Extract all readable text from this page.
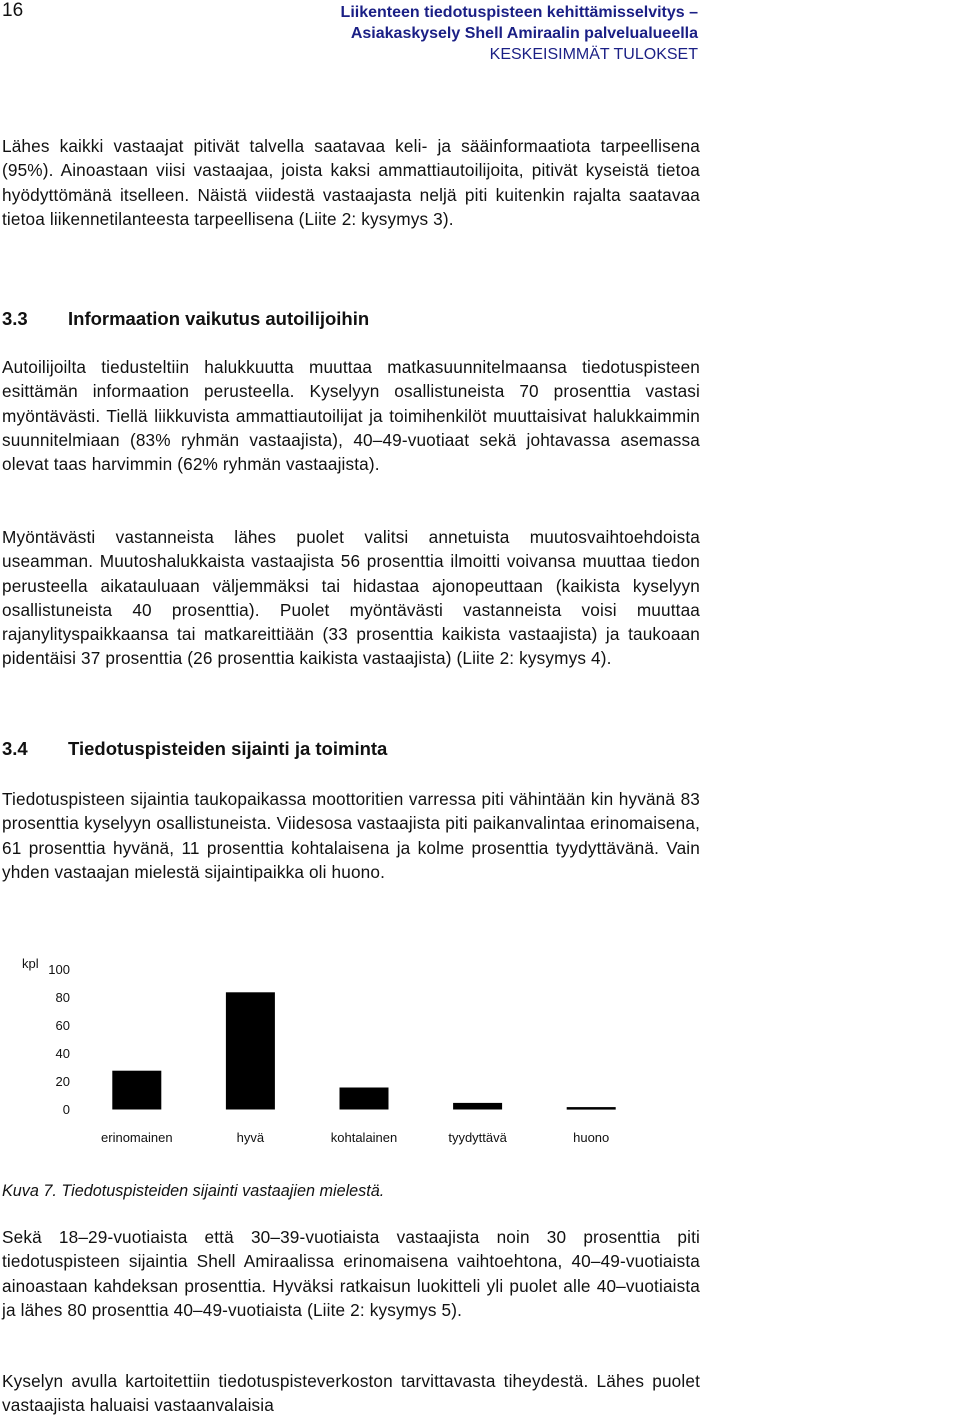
16	Liikenteen tiedotuspisteen kehittämisselvitys –
Asiakaskysely Shell Amiraalin palvelualueella
KESKEISIMMÄT TULOKSET

Lähes kaikki vastaajat pitivät talvella saatavaa keli- ja sääinformaatiota tarpeellisena (95%). Ainoastaan viisi vastaajaa, joista kaksi ammattiautoilijoita, pitivät kyseistä tietoa hyödyttömänä itselleen. Näistä viidestä vastaajasta neljä piti kuitenkin rajalta saatavaa tietoa liikennetilanteesta tarpeellisena (Liite 2: kysymys 3).

3.3 Informaation vaikutus autoilijoihin

Autoilijoilta tiedusteltiin halukkuutta muuttaa matkasuunnitelmaansa tiedotuspisteen esittämän informaation perusteella. Kyselyyn osallistuneista 70 prosenttia vastasi myöntävästi. Tiellä liikkuvista ammattiautoilijat ja toimihenkilöt muuttaisivat halukkaimmin suunnitelmiaan (83% ryhmän vastaajista), 40–49-vuotiaat sekä johtavassa asemassa olevat taas harvimmin (62% ryhmän vastaajista).

Myöntävästi vastanneista lähes puolet valitsi annetuista muutosvaihtoehdoista useamman. Muutoshalukkaista vastaajista 56 prosenttia ilmoitti voivansa muuttaa tiedon perusteella aikatauluaan väljemmäksi tai hidastaa ajonopeuttaan (kaikista kyselyyn osallistuneista 40 prosenttia). Puolet myöntävästi vastanneista voisi muuttaa rajanylityspaikkaansa tai matkareittiään (33 prosenttia kaikista vastaajista) ja taukoaan pidentäisi 37 prosenttia (26 prosenttia kaikista vastaajista) (Liite 2: kysymys 4).

3.4 Tiedotuspisteiden sijainti ja toiminta

Tiedotuspisteen sijaintia taukopaikassa moottoritien varressa piti vähintään kin hyvänä 83 prosenttia kyselyyn osallistuneista. Viidesosa vastaajista piti paikanvalintaa erinomaisena, 61 prosenttia hyvänä, 11 prosenttia kohtalaisena ja kolme prosenttia tyydyttävänä. Vain yhden vastaajan mielestä sijaintipaikka oli huono.

kpl
0
20
40
60
80
100
erinomainen	hyvä	kohtalainen	tyydyttävä	huono

Kuva 7. Tiedotuspisteiden sijainti vastaajien mielestä.

Sekä 18–29-vuotiaista että 30–39-vuotiaista vastaajista noin 30 prosenttia piti tiedotuspisteen sijaintia Shell Amiraalissa erinomaisena vaihtoehtona, 40–49-vuotiaista ainoastaan kahdeksan prosenttia. Hyväksi ratkaisun luokitteli yli puolet alle 40–vuotiaista ja lähes 80 prosenttia 40–49-vuotiaista (Liite 2: kysymys 5).

Kyselyn avulla kartoitettiin tiedotuspisteverkoston tarvittavasta tiheydestä. Lähes puolet vastaajista haluaisi vastaanvalaisia
